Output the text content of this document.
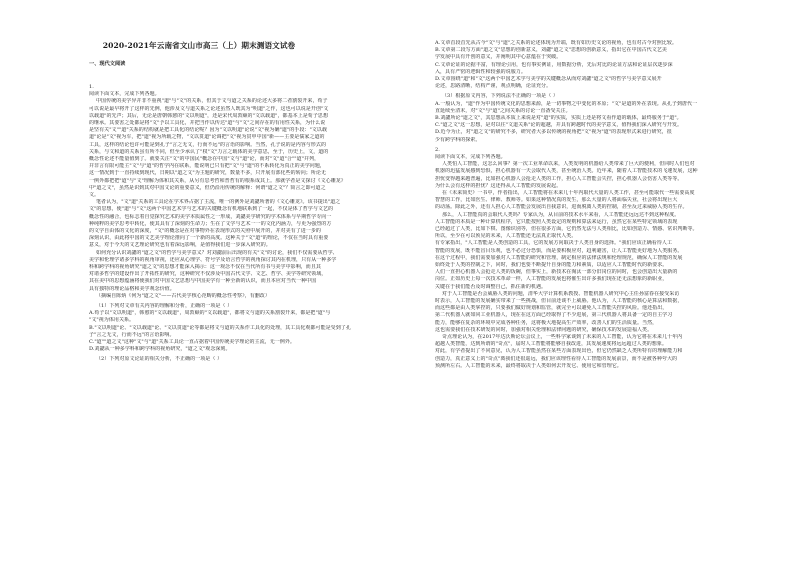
2020-2021年云南省文山市高三（上）期末测语文试卷
一、现代文阅读
1.
阅读下面文本，完成下列各题。
中国传统的美学异并非不重视"道"与"文"的关系，但其于文与道之关系的论述大多将二者割裂开来，荀子
可以说是最早将开了这样的先例，他涉及文与道关系之论述虽然人既其为"明道"之作，这也可以说是开创"文
以载道"的先声；其后，无论是唐朝韩愈的"文以明道"，还是宋代周敦颐的"文以载道"，都基本上是荀子思想
的继承。其要害之处都是将"文"予以工具化，并把当作以传达"道"与"文"之间存在的有用性关系，为什么说
是坚有关"文""道"关系的结构就是把工具化的结论呢？因为"文以明道"论说"文"视为确"道"的手段："文以载
道"论是"文"视为车，把"道"视为所载之物，"文以贯道"论调把"文"视为贯申中国"新——主要是儒家之道的
工具，这样的结论也许可能是到孔子"言之无文，行而不远"的言语的影响。当然，孔子说的是内容与形式的
关系，与文和道的关系虽有所不同，但至少承认了"权"文"力言之载体的美学意思，至于，历史上，文，道的
概念性论述不能量值到了。就要关注"文"的中国民"概念在中国"文与"道"论，而对"文"道"合""道"并列，
并非言有限可能主"文"与"道"的哲学内在联系，能说明已只有把"文"与"道"的不系转化为真正的美学问题，
这一情况到于一直持续到现代，日期以"道之文"为主题的研究，数量不多，只开展有部化些的转向；所论无
一例外都把把"道"与"文"理解为体和其关系，从另有思考哲和普哲有的根系成其上。那就学者是文探讨《文心雕龙》
中"道之文"，虽然是识到其对中国文论的重要意义，但仍沿用传统的解释：何谓"道之文"？简言之即可道之
文。
笔者认为，"文"道"关系的工具论在学术界占据了主流，唯一的例外是刘勰所著的《文心雕龙》。该书提出"道之
文"的思想，使"道"与"文"这两个中国艺术学与艺术的关键概念有机地联系到了一起，不仅是体了哲学与文艺的
概念性的融合，也标志着自觉探究艺术的美学本质属性之一形成，刘勰美学研究的学术体系与早期哲学专向一
种纯粹的美学思考中转化，使其具有了深刻的生命力；生在了文学与艺术一一的文化内涵力，与更为强烈的方
的文学自由体的文化的深度，"文"的概念是在对事物外在表现形式的关照中展开的，并对美有了进一步的
深刻认识，由此将中国的文艺美学理论推向了一个新的高度。这种关于"文"道"的理论，不仅在当时具有重要
意义，对于今天的文艺理论研究也有着深远影响，是值得我们进一步深入研究的。
如何充分认识刘勰的"道之文"的哲学与美学意义？对刘勰前后出现的有关"文"的讨论，我们不仅需要从哲学、
美学和伦理学诸多学科的视角审视，还应从心理学、符号学及语言哲学的视角探讨其内在机理，只有从一种多学
科和跨学科的视角研究"道之文"的思想才能深入揭示：这一观念不仅在当代所有书与美学中影响，而且其
对诸多哲学的建设作出了开拓性的研究，这种研究不仅涉及中国古代文学、文艺、哲学、美学等研究领域，
其在美中的思想蕴涵将使我们对中国文艺思想与中国美学有一种全新的认识，而且本应对当代一种中国
具有独特的理论品格和美学观念价值。
（摘编自陈炳《何为"道之文"——古代美学核心范畴的概念性考察》，有删改）
（1）下列对文章有关内容的理解和分析，正确的一项是（ ）
A.荀子以"文以明道"，韩愈的"文以载道"，周敦颐的"文以载道"，都将文与道的关系割裂开来，都是把"道"与
"文"视为体用关系。
B."文以明道"论、"文以载道"论、"文以贯道"论等都是将文与道的关系作工具化的处理，其工具化观都可能是受到了孔
子"言之无文，行而不远"的言语影响。
C."道""道之文"这种"文"与"道"关系工具论一直占据着中国传统美学理论的主流，无一例外。
D.刘勰从一种多学科和跨学科的视角研究，"道之文"观念深刻。
（2）下列对原文论证的相关分析，不正确的一项是（ ）
A.文章首段首先从古今"文"与"道"之关系的论述体现为开端，既有如历史文论的视角，也有对古今对照比较。
B.文章第二段写方面"道之文"思想的创新意义，刘勰"道之文"思想的创新意义，指出它在中国古代文艺美
学发展中具有开创的意义，并阐明其中心意蕴在于突破。
C.文章论证的论据丰富，有理论引用，也有事实例证，用数据分析，先后对比的论证方法和论证层次逐步深
入，具有严密的逻辑性和较强的说服力。
D.文章围绕"道"和"文"这两个中国艺术学与美学的关键概念从而对刘勰"道之文"的哲学与美学意义展开
论述，思路清晰，结构严谨，观点明确，论证充分。
（3）根据原文内容，下列说法不正确的一项是（ ）
A.一般认为，"道"作为中国传统文化的思想来源，是一切事物之中变化的本原；"文"是道的外在表现。从孔子到唐代一
直延续至清末，对"文"与"道"之间关系的讨论一直备受关注。
B.刘勰所论"道之文"，其思想从本质上来说是对"道"的实质，实质上还是将文看作道的载体，最终服务于"道"。
C."道之文"这一思想，是对以往"文道关系"论的超越，并具有跨越时代的美学意义，值得我们深入研究与开发。
D.近今为止，对"道之文"的研究不多，研究者大多以传统的视角把"文"视为"道"的表现形式来进行研究，很
少有跨学科的探索。
2.
阅读下面文本，完成下列各题。
人类怕人工智能，这怎么回事？第一次工业革命以来，人类发明的机器给人类带来了巨大的便利，但同时人们也对
机器的迅猛发展感到恐惧，担心机器有一天会取代人类，甚至统治人类。近年来，随着人工智能技术的飞速发展，这种
担忧变得越来越普遍，比如担心机器人会抢走人类的工作，担心人工智能会失控，担心机器人会伤害人类等等。
为什么会有这样的担忧？这还得从人工智能的发展说起。
在《未来简史》一书中，作者指出，人工智能将在未来几十年内取代大量的人类工作，甚至可能取代一些需要高度
智慧的工作，比如医生、律师、教师等。如果这种情况真的发生，那么大量的人将面临失业，社会将出现巨大
的动荡。除此之外，还有人担心人工智能会发展出自我意识，进而脱离人类的控制，甚至反过来威胁人类的生存。
那么，人工智能真的会取代人类吗？专家认为，从目前的技术水平来看，人工智能还远远达不到这种程度。
人工智能的本质是一种计算机程序，它只能按照人类设定的规则和算法来运行，虽然它在某些特定领域的表现
已经超过了人类，比如下棋、图像识别等，但在很多方面，它仍然无法与人类相比，比如创造力、情感、常识判断等。
所以，至少在可以预见的未来，人工智能还无法真正取代人类。
有专家指出，"人工智能是人类创造的工具，它的发展方向取决于人类自身的选择。"我们应该正确看待人工
智能的发展，既不能盲目乐观，也不必过分恐惧，而是要积极应对，趋利避害，让人工智能更好地为人类服务。
在这个过程中，我们需要加强对人工智能的研究和管理，制定相应的法律法规和伦理规范，确保人工智能的发展
始终处于人类的控制之下，同时，我们也要不断提升自身的能力和素质，以适应人工智能时代的新要求。
人们一直担心机器人会抢走人类的饭碗，但事实上，新技术在淘汰一部分旧岗位的同时，也会创造出大量新的
岗位。正如历史上每一次技术革命一样，人工智能的发展也将催生出许多我们现在还无法想象的新职业，
关键在于我们能否及时调整自己，抓住新的机遇。
对于人工智能是否会威胁人类的问题，清华大学计算机系教授、智能机器人研究中心主任孙富春在接受采访
时表示，人工智能的发展确实带来了一些挑战，但目前还谈不上威胁。他认为，人工智能的核心是算法和数据，
而这些都是由人类掌控的，只要我们做好规划和监管，就完全可以避免人工智能失控的风险。他还指出，
第二代机器人就如同工业机器人，现在在这方面已经取得了不少进展，第三代机器人将具备一定的自主学习
能力，能够在复杂的环境中完成各种任务，这将极大地提高生产效率，改善人们的生活质量。当然，
这也需要我们在技术研发的同时，加强对相关伦理和法律问题的研究，确保技术的发展造福人类。
奇点理论认为，在2017年达沃斯论坛会议上，一些科学家谈到了未来的人工智能，认为它将在未来几十年内
超越人类智能，达到所谓的"奇点"，届时人工智能将能够自我改进，其发展速度将远远超过人类的想象。
对此，有学者提出了不同意见，认为人工智能虽然在某些方面表现出色，但它仍然缺乏人类所特有的理解能力和
创造力，真正意义上的"奇点"离我们还很遥远，我们应该理性看待人工智能的发展前景，而不是被各种夸大的
预测所左右。人工智能的未来，最终将取决于人类如何去开发它、使用它和管理它。
